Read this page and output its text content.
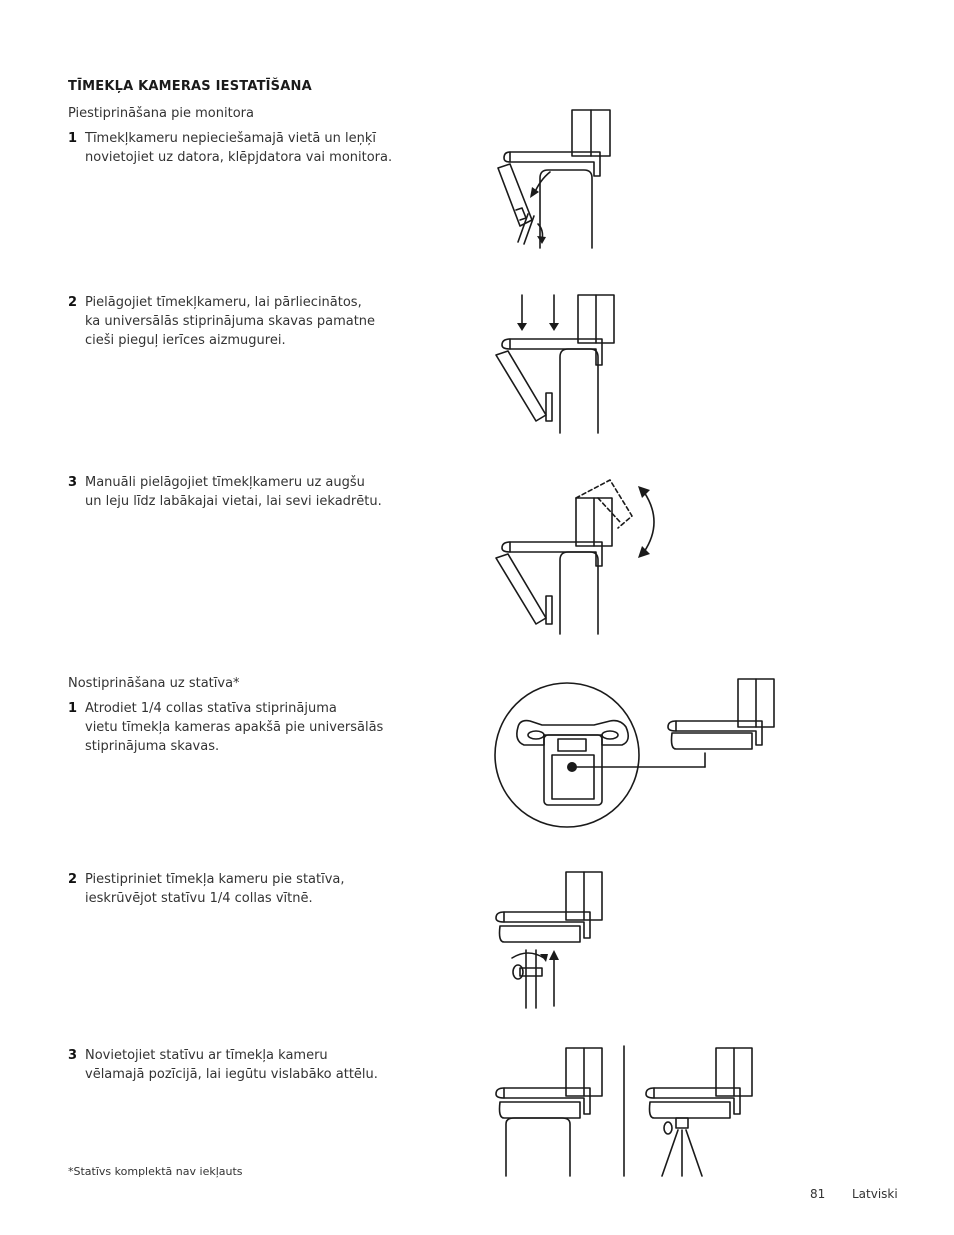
TĪMEKĻA KAMERAS IESTATĪŠANA
Piestiprināšana pie monitora
1 Tīmekļkameru nepieciešamajā vietā un leņķī
novietojiet uz datora, klēpjdatora vai monitora.
2 Pielāgojiet tīmekļkameru, lai pārliecinātos,
ka universālās stiprinājuma skavas pamatne
cieši pieguļ ierīces aizmugurei.
3 Manuāli pielāgojiet tīmekļkameru uz augšu
un leju līdz labākajai vietai, lai sevi iekadrētu.
Nostiprināšana uz statīva*
1 Atrodiet 1/4 collas statīva stiprinājuma
vietu tīmekļa kameras apakšā pie universālās
stiprinājuma skavas.
2 Piestipriniet tīmekļa kameru pie statīva,
ieskrūvējot statīvu 1/4 collas vītnē.
3 Novietojiet statīvu ar tīmekļa kameru
vēlamajā pozīcijā, lai iegūtu vislabāko attēlu.
*Statīvs komplektā nav iekļauts
81 Latviski
